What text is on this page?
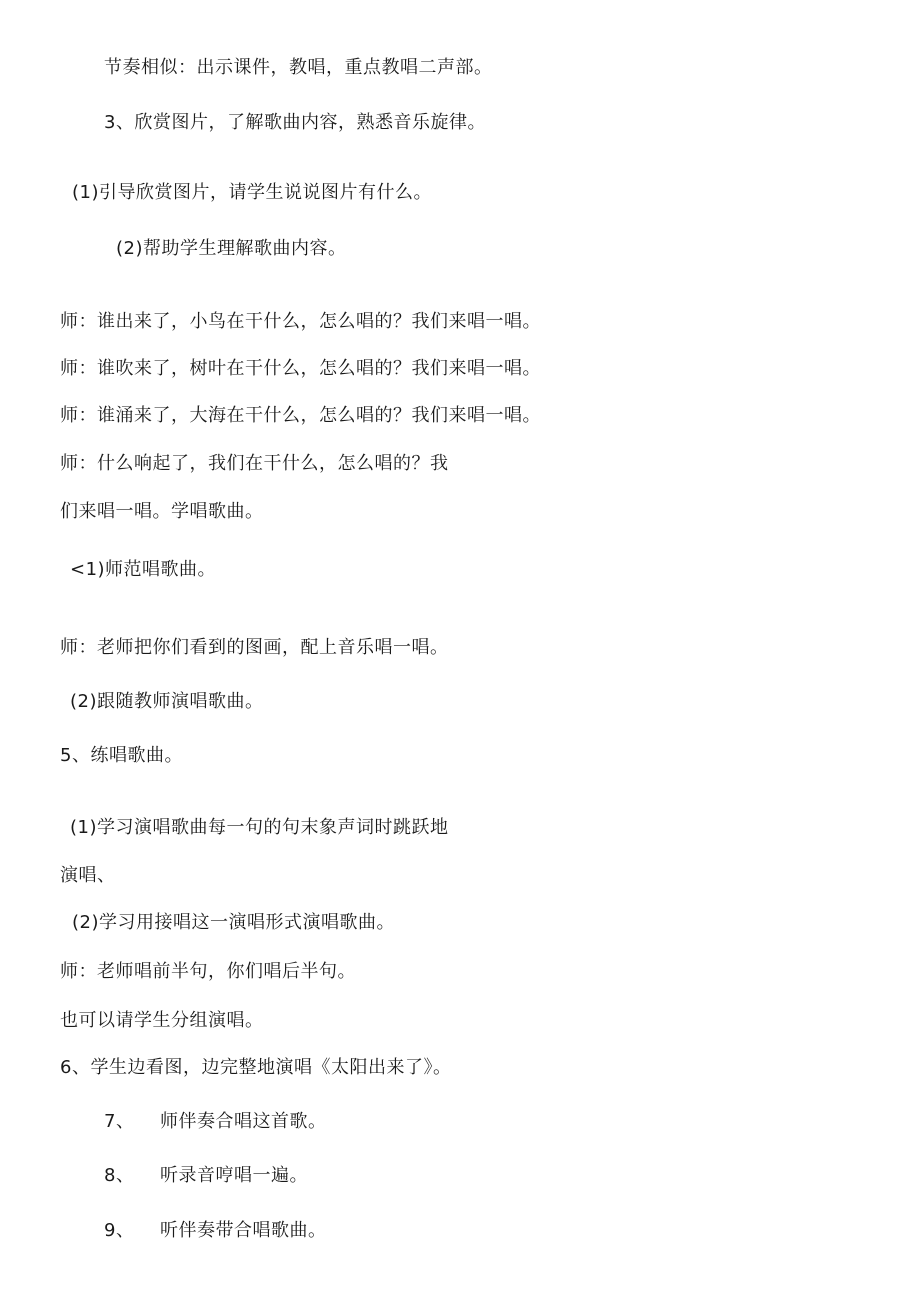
节奏相似：出示课件，教唱，重点教唱二声部。
3、欣赏图片，了解歌曲内容，熟悉音乐旋律。
(1)引导欣赏图片，请学生说说图片有什么。
(2)帮助学生理解歌曲内容。
师：谁出来了，小鸟在干什么，怎么唱的？我们来唱一唱。
师：谁吹来了，树叶在干什么，怎么唱的？我们来唱一唱。
师：谁涌来了，大海在干什么，怎么唱的？我们来唱一唱。
师：什么响起了，我们在干什么，怎么唱的？我
们来唱一唱。学唱歌曲。
<1)师范唱歌曲。
师：老师把你们看到的图画，配上音乐唱一唱。
(2)跟随教师演唱歌曲。
5、练唱歌曲。
(1)学习演唱歌曲每一句的句末象声词时跳跃地
演唱、
(2)学习用接唱这一演唱形式演唱歌曲。
师：老师唱前半句，你们唱后半句。
也可以请学生分组演唱。
6、学生边看图，边完整地演唱《太阳出来了》。
7、 师伴奏合唱这首歌。
8、 听录音哼唱一遍。
9、 听伴奏带合唱歌曲。
